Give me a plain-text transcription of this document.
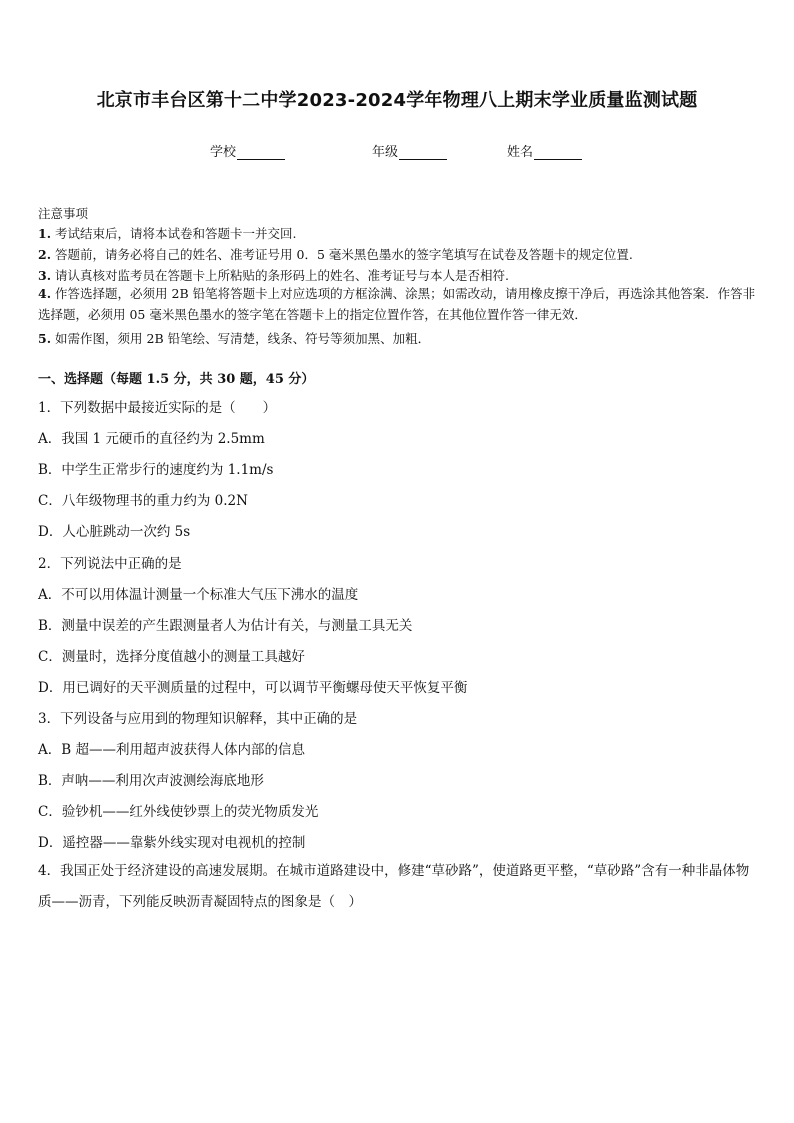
北京市丰台区第十二中学2023-2024学年物理八上期末学业质量监测试题
学校	年级	姓名
注意事项
1. 考试结束后，请将本试卷和答题卡一并交回.
2. 答题前，请务必将自己的姓名、准考证号用 0．5 毫米黑色墨水的签字笔填写在试卷及答题卡的规定位置.
3. 请认真核对监考员在答题卡上所粘贴的条形码上的姓名、准考证号与本人是否相符.
4. 作答选择题，必须用 2B 铅笔将答题卡上对应选项的方框涂满、涂黑；如需改动，请用橡皮擦干净后，再选涂其他答案．作答非选择题，必须用 05 毫米黑色墨水的签字笔在答题卡上的指定位置作答，在其他位置作答一律无效．
5. 如需作图，须用 2B 铅笔绘、写清楚，线条、符号等须加黑、加粗．
一、选择题（每题 1.5 分，共 30 题，45 分）
1．下列数据中最接近实际的是（　　）
A．我国 1 元硬币的直径约为 2.5mm
B．中学生正常步行的速度约为 1.1m/s
C．八年级物理书的重力约为 0.2N
D．人心脏跳动一次约 5s
2．下列说法中正确的是
A．不可以用体温计测量一个标准大气压下沸水的温度
B．测量中误差的产生跟测量者人为估计有关，与测量工具无关
C．测量时，选择分度值越小的测量工具越好
D．用已调好的天平测质量的过程中，可以调节平衡螺母使天平恢复平衡
3．下列设备与应用到的物理知识解释，其中正确的是
A．B 超——利用超声波获得人体内部的信息
B．声呐——利用次声波测绘海底地形
C．验钞机——红外线使钞票上的荧光物质发光
D．遥控器——靠紫外线实现对电视机的控制
4．我国正处于经济建设的高速发展期。在城市道路建设中，修建“草砂路”，使道路更平整，“草砂路”含有一种非晶体物质——沥青，下列能反映沥青凝固特点的图象是（　）
